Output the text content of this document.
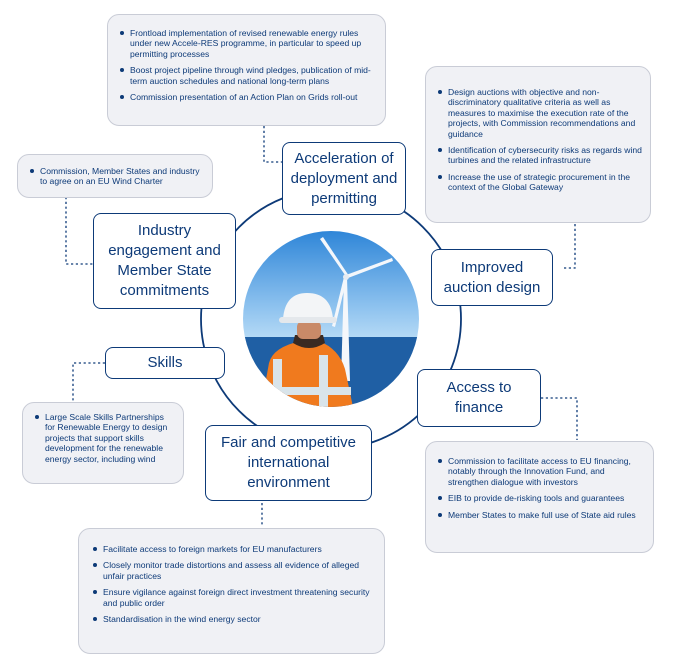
Frontload implementation of revised renewable energy rules under new Accele-RES programme, in particular to speed up permitting processes
Boost project pipeline through wind pledges, publication of mid-term auction schedules and national long-term plans
Commission presentation of an Action Plan on Grids roll-out
Design auctions with objective and non-discriminatory qualitative criteria as well as measures to maximise the execution rate of the projects, with Commission recommendations and guidance
Identification of cybersecurity risks as regards wind turbines and the related infrastructure
Increase the use of strategic procurement in the context of the Global Gateway
Commission, Member States and industry to agree on an EU Wind Charter
Large Scale Skills Partnerships for Renewable Energy to design projects that support skills development for the renewable energy sector, including wind	Commission to facilitate access to EU financing, notably through the Innovation Fund, and strengthen dialogue with investors
EIB to provide de-risking tools and guarantees
Member States to make full use of State aid rules
Facilitate access to foreign markets for EU manufacturers
Closely monitor trade distortions and assess all evidence of alleged unfair practices
Ensure vigilance against foreign direct investment threatening security and public order
Standardisation in the wind energy sector
Acceleration of deployment and permitting
Improved auction design
Access to finance
Fair and competitive international environment
Skills
Industry engagement and Member State commitments
